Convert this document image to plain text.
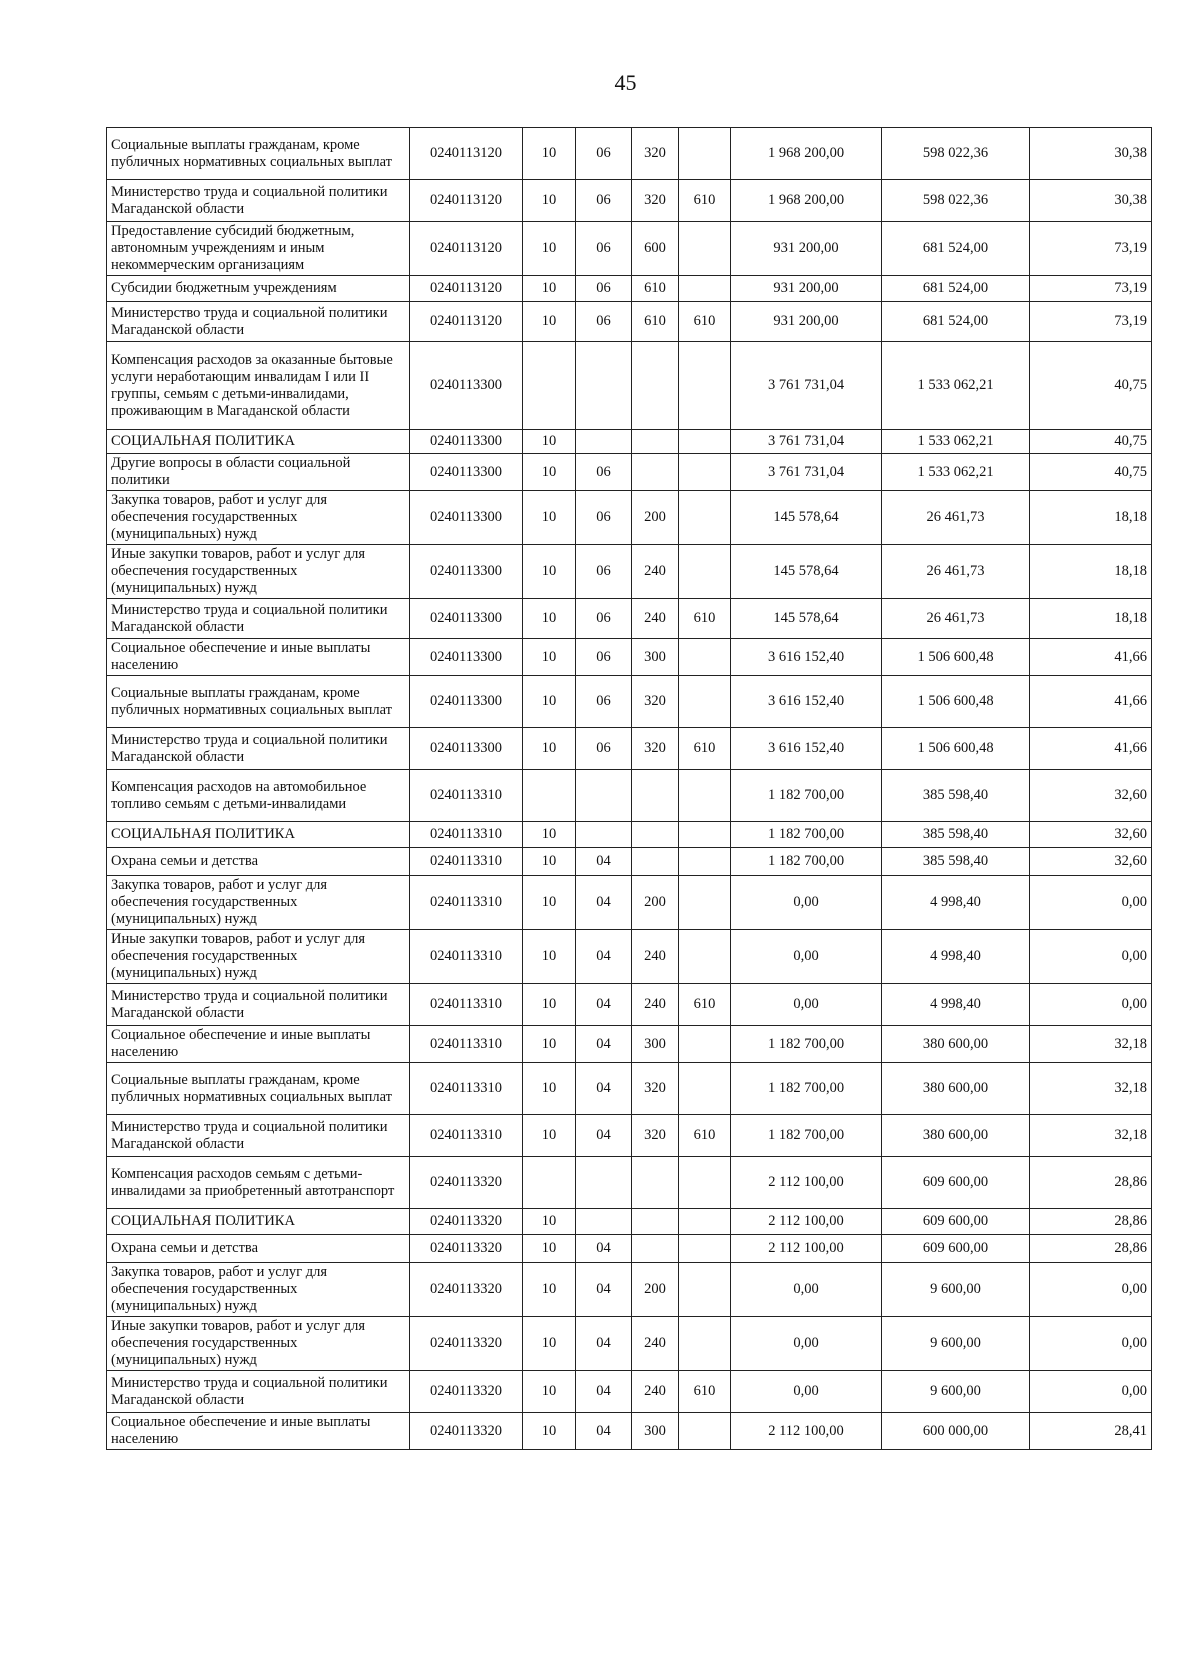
45
Социальные выплаты гражданам, кроме публичных нормативных социальных выплат	0240113120	10	06	320		1 968 200,00	598 022,36	30,38
Министерство труда и социальной политики Магаданской области	0240113120	10	06	320	610	1 968 200,00	598 022,36	30,38
Предоставление субсидий бюджетным, автономным учреждениям и иным некоммерческим организациям	0240113120	10	06	600		931 200,00	681 524,00	73,19
Субсидии бюджетным учреждениям	0240113120	10	06	610		931 200,00	681 524,00	73,19
Министерство труда и социальной политики Магаданской области	0240113120	10	06	610	610	931 200,00	681 524,00	73,19
Компенсация расходов за оказанные бытовые услуги неработающим инвалидам I или II группы, семьям с детьми-инвалидами, проживающим в Магаданской области	0240113300					3 761 731,04	1 533 062,21	40,75
СОЦИАЛЬНАЯ ПОЛИТИКА	0240113300	10				3 761 731,04	1 533 062,21	40,75
Другие вопросы в области социальной политики	0240113300	10	06			3 761 731,04	1 533 062,21	40,75
Закупка товаров, работ и услуг для обеспечения государственных (муниципальных) нужд	0240113300	10	06	200		145 578,64	26 461,73	18,18
Иные закупки товаров, работ и услуг для обеспечения государственных (муниципальных) нужд	0240113300	10	06	240		145 578,64	26 461,73	18,18
Министерство труда и социальной политики Магаданской области	0240113300	10	06	240	610	145 578,64	26 461,73	18,18
Социальное обеспечение и иные выплаты населению	0240113300	10	06	300		3 616 152,40	1 506 600,48	41,66
Социальные выплаты гражданам, кроме публичных нормативных социальных выплат	0240113300	10	06	320		3 616 152,40	1 506 600,48	41,66
Министерство труда и социальной политики Магаданской области	0240113300	10	06	320	610	3 616 152,40	1 506 600,48	41,66
Компенсация расходов на автомобильное топливо семьям с детьми-инвалидами	0240113310					1 182 700,00	385 598,40	32,60
СОЦИАЛЬНАЯ ПОЛИТИКА	0240113310	10				1 182 700,00	385 598,40	32,60
Охрана семьи и детства	0240113310	10	04			1 182 700,00	385 598,40	32,60
Закупка товаров, работ и услуг для обеспечения государственных (муниципальных) нужд	0240113310	10	04	200		0,00	4 998,40	0,00
Иные закупки товаров, работ и услуг для обеспечения государственных (муниципальных) нужд	0240113310	10	04	240		0,00	4 998,40	0,00
Министерство труда и социальной политики Магаданской области	0240113310	10	04	240	610	0,00	4 998,40	0,00
Социальное обеспечение и иные выплаты населению	0240113310	10	04	300		1 182 700,00	380 600,00	32,18
Социальные выплаты гражданам, кроме публичных нормативных социальных выплат	0240113310	10	04	320		1 182 700,00	380 600,00	32,18
Министерство труда и социальной политики Магаданской области	0240113310	10	04	320	610	1 182 700,00	380 600,00	32,18
Компенсация расходов семьям с детьми-инвалидами за приобретенный автотранспорт	0240113320					2 112 100,00	609 600,00	28,86
СОЦИАЛЬНАЯ ПОЛИТИКА	0240113320	10				2 112 100,00	609 600,00	28,86
Охрана семьи и детства	0240113320	10	04			2 112 100,00	609 600,00	28,86
Закупка товаров, работ и услуг для обеспечения государственных (муниципальных) нужд	0240113320	10	04	200		0,00	9 600,00	0,00
Иные закупки товаров, работ и услуг для обеспечения государственных (муниципальных) нужд	0240113320	10	04	240		0,00	9 600,00	0,00
Министерство труда и социальной политики Магаданской области	0240113320	10	04	240	610	0,00	9 600,00	0,00
Социальное обеспечение и иные выплаты населению	0240113320	10	04	300		2 112 100,00	600 000,00	28,41
